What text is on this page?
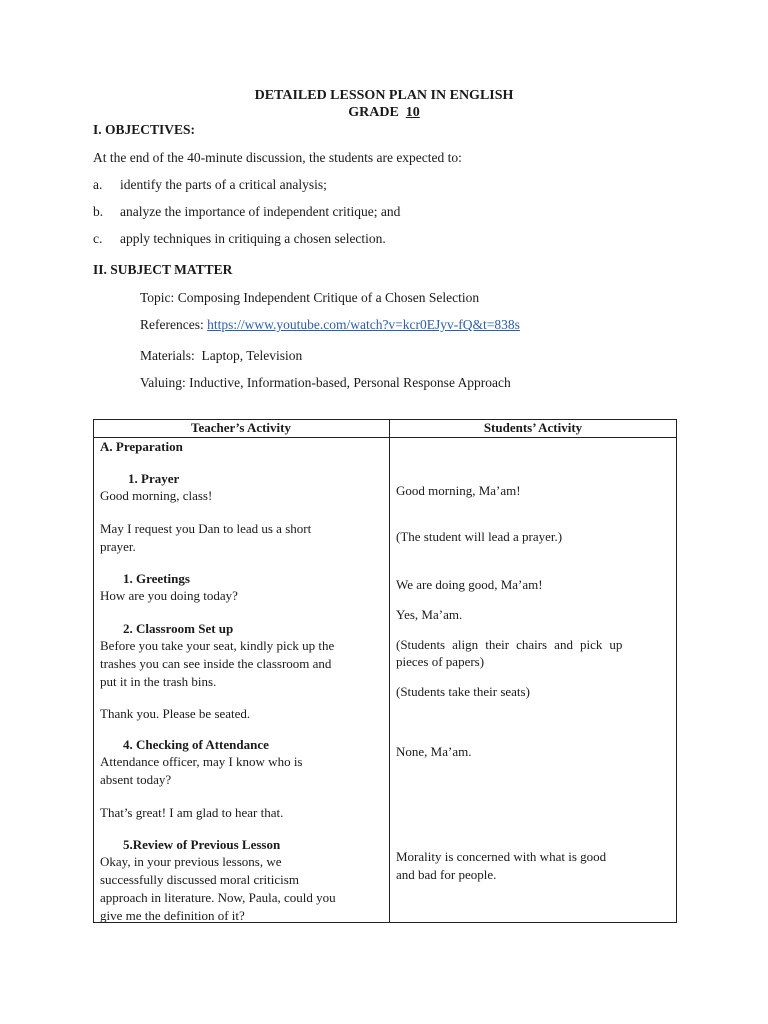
DETAILED LESSON PLAN IN ENGLISH
GRADE 10
I. OBJECTIVES:
At the end of the 40-minute discussion, the students are expected to:
a. identify the parts of a critical analysis;
b. analyze the importance of independent critique; and
c. apply techniques in critiquing a chosen selection.
II. SUBJECT MATTER
Topic: Composing Independent Critique of a Chosen Selection
References: https://www.youtube.com/watch?v=kcr0EJyv-fQ&t=838s
Materials: Laptop, Television
Valuing: Inductive, Information-based, Personal Response Approach
Teacher’s Activity	Students’ Activity
A. Preparation
1. Prayer
Good morning, class!
May I request you Dan to lead us a short
prayer.
1. Greetings
How are you doing today?
2. Classroom Set up
Before you take your seat, kindly pick up the
trashes you can see inside the classroom and
put it in the trash bins.
Thank you. Please be seated.
4. Checking of Attendance
Attendance officer, may I know who is
absent today?
That’s great! I am glad to hear that.
5.Review of Previous Lesson
Okay, in your previous lessons, we
successfully discussed moral criticism
approach in literature. Now, Paula, could you
give me the definition of it?
Good morning, Ma’am!
(The student will lead a prayer.)
We are doing good, Ma’am!
Yes, Ma’am.
(Students align their chairs and pick up
pieces of papers)
(Students take their seats)
None, Ma’am.
Morality is concerned with what is good
and bad for people.
